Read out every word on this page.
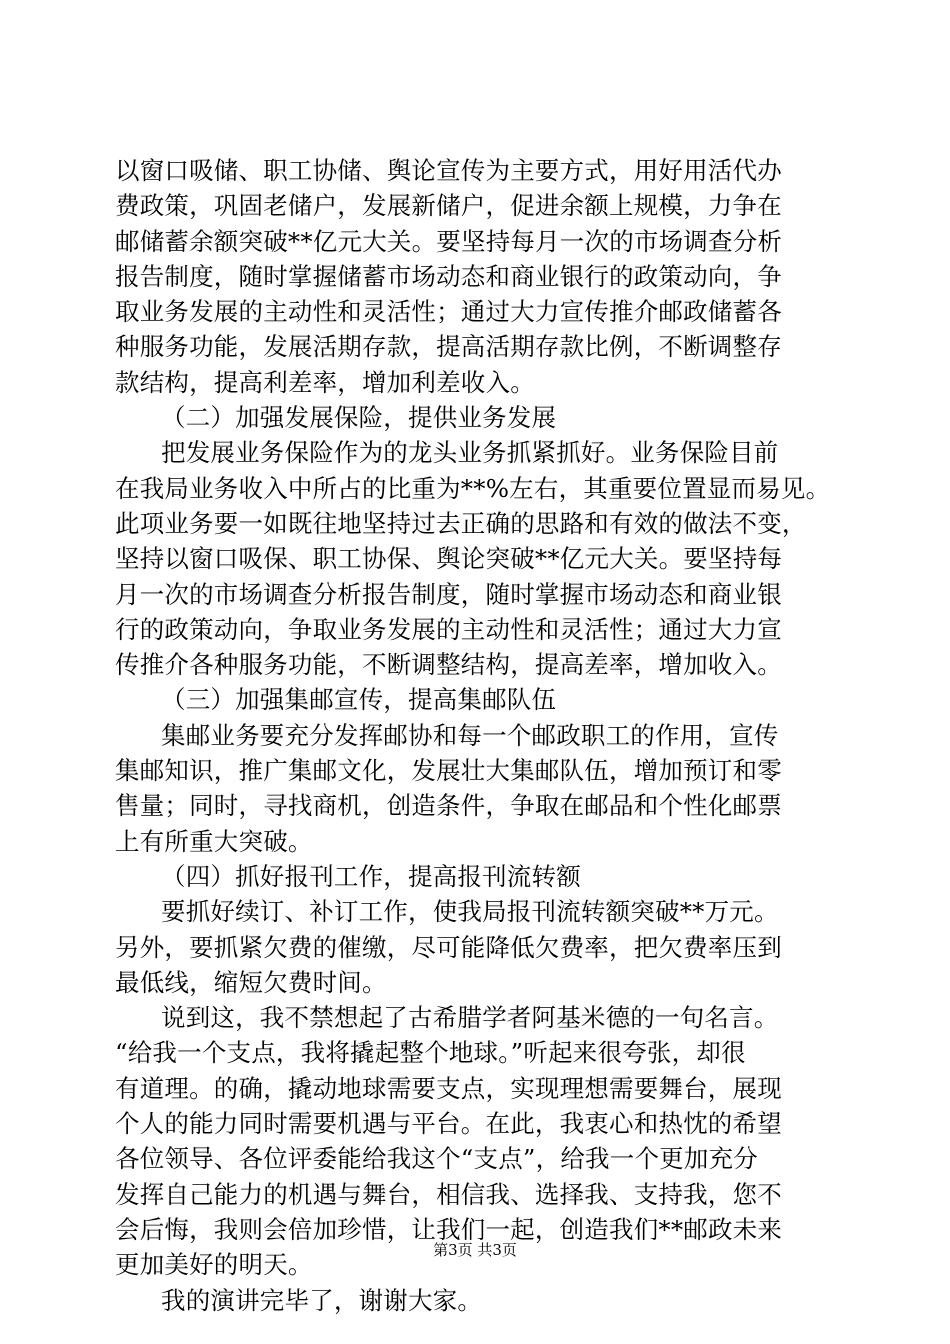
以窗口吸储、职工协储、舆论宣传为主要方式，用好用活代办
费政策，巩固老储户，发展新储户，促进余额上规模，力争在
邮储蓄余额突破**亿元大关。要坚持每月一次的市场调查分析
报告制度，随时掌握储蓄市场动态和商业银行的政策动向，争
取业务发展的主动性和灵活性；通过大力宣传推介邮政储蓄各
种服务功能，发展活期存款，提高活期存款比例，不断调整存
款结构，提高利差率，增加利差收入。
（二）加强发展保险，提供业务发展
把发展业务保险作为的龙头业务抓紧抓好。业务保险目前
在我局业务收入中所占的比重为**%左右，其重要位置显而易见。
此项业务要一如既往地坚持过去正确的思路和有效的做法不变，
坚持以窗口吸保、职工协保、舆论突破**亿元大关。要坚持每
月一次的市场调查分析报告制度，随时掌握市场动态和商业银
行的政策动向，争取业务发展的主动性和灵活性；通过大力宣
传推介各种服务功能，不断调整结构，提高差率，增加收入。
（三）加强集邮宣传，提高集邮队伍
集邮业务要充分发挥邮协和每一个邮政职工的作用，宣传
集邮知识，推广集邮文化，发展壮大集邮队伍，增加预订和零
售量；同时，寻找商机，创造条件，争取在邮品和个性化邮票
上有所重大突破。
（四）抓好报刊工作，提高报刊流转额
要抓好续订、补订工作，使我局报刊流转额突破**万元。
另外，要抓紧欠费的催缴，尽可能降低欠费率，把欠费率压到
最低线，缩短欠费时间。
说到这，我不禁想起了古希腊学者阿基米德的一句名言。
“给我一个支点，我将撬起整个地球。”听起来很夸张，却很
有道理。的确，撬动地球需要支点，实现理想需要舞台，展现
个人的能力同时需要机遇与平台。在此，我衷心和热忱的希望
各位领导、各位评委能给我这个“支点”，给我一个更加充分
发挥自己能力的机遇与舞台，相信我、选择我、支持我，您不
会后悔，我则会倍加珍惜，让我们一起，创造我们**邮政未来
更加美好的明天。
我的演讲完毕了，谢谢大家。
第3页 共3页
